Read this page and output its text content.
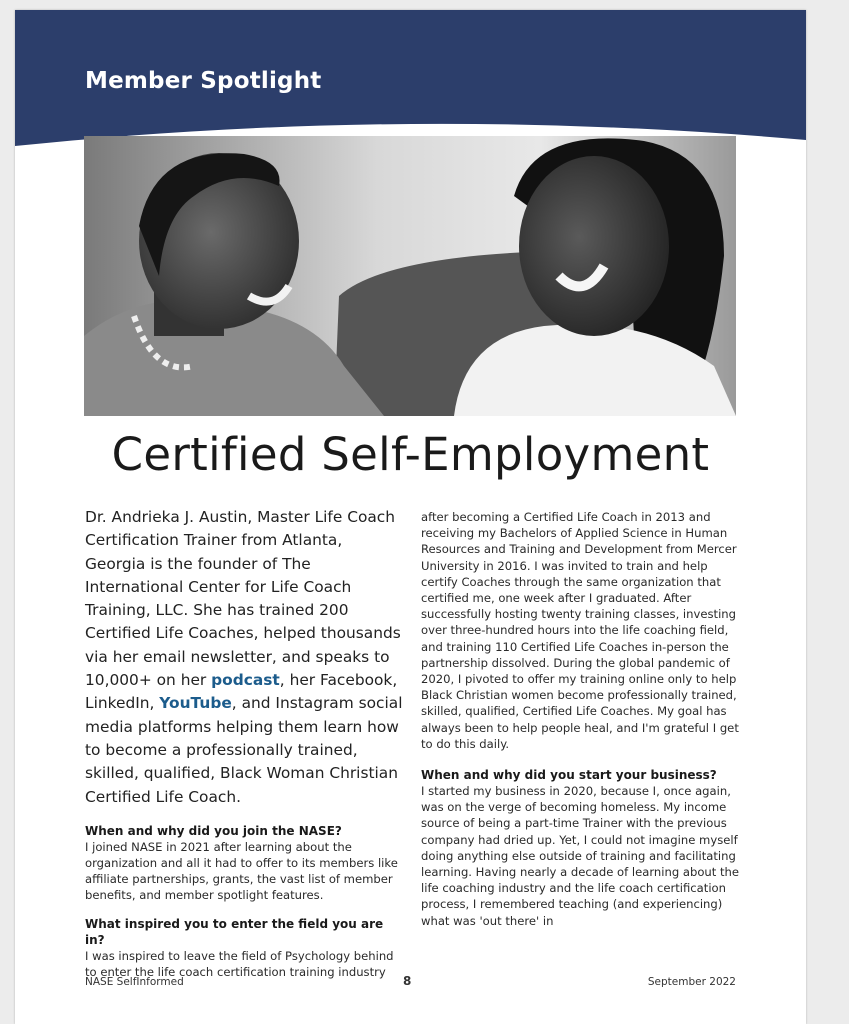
Member Spotlight
Certified Self-Employment
Dr. Andrieka J. Austin, Master Life Coach Certification Trainer from Atlanta, Georgia is the founder of The International Center for Life Coach Training, LLC. She has trained 200 Certified Life Coaches, helped thousands via her email newsletter, and speaks to 10,000+ on her podcast, her Facebook, LinkedIn, YouTube, and Instagram social media platforms helping them learn how to become a professionally trained, skilled, qualified, Black Woman Christian Certified Life Coach.

When and why did you join the NASE?

I joined NASE in 2021 after learning about the organization and all it had to offer to its members like affiliate partnerships, grants, the vast list of member benefits, and member spotlight features.

What inspired you to enter the field you are in?

I was inspired to leave the field of Psychology behind to enter the life coach certification training industry

after becoming a Certified Life Coach in 2013 and receiving my Bachelors of Applied Science in Human Resources and Training and Development from Mercer University in 2016. I was invited to train and help certify Coaches through the same organization that certified me, one week after I graduated. After successfully hosting twenty training classes, investing over three-hundred hours into the life coaching field, and training 110 Certified Life Coaches in-person the partnership dissolved. During the global pandemic of 2020, I pivoted to offer my training online only to help Black Christian women become professionally trained, skilled, qualified, Certified Life Coaches. My goal has always been to help people heal, and I'm grateful I get to do this daily.

When and why did you start your business?

I started my business in 2020, because I, once again, was on the verge of becoming homeless. My income source of being a part-time Trainer with the previous company had dried up. Yet, I could not imagine myself doing anything else outside of training and facilitating learning. Having nearly a decade of learning about the life coaching industry and the life coach certification process, I remembered teaching (and experiencing) what was 'out there' in

NASE SelfInformed	8	September 2022
